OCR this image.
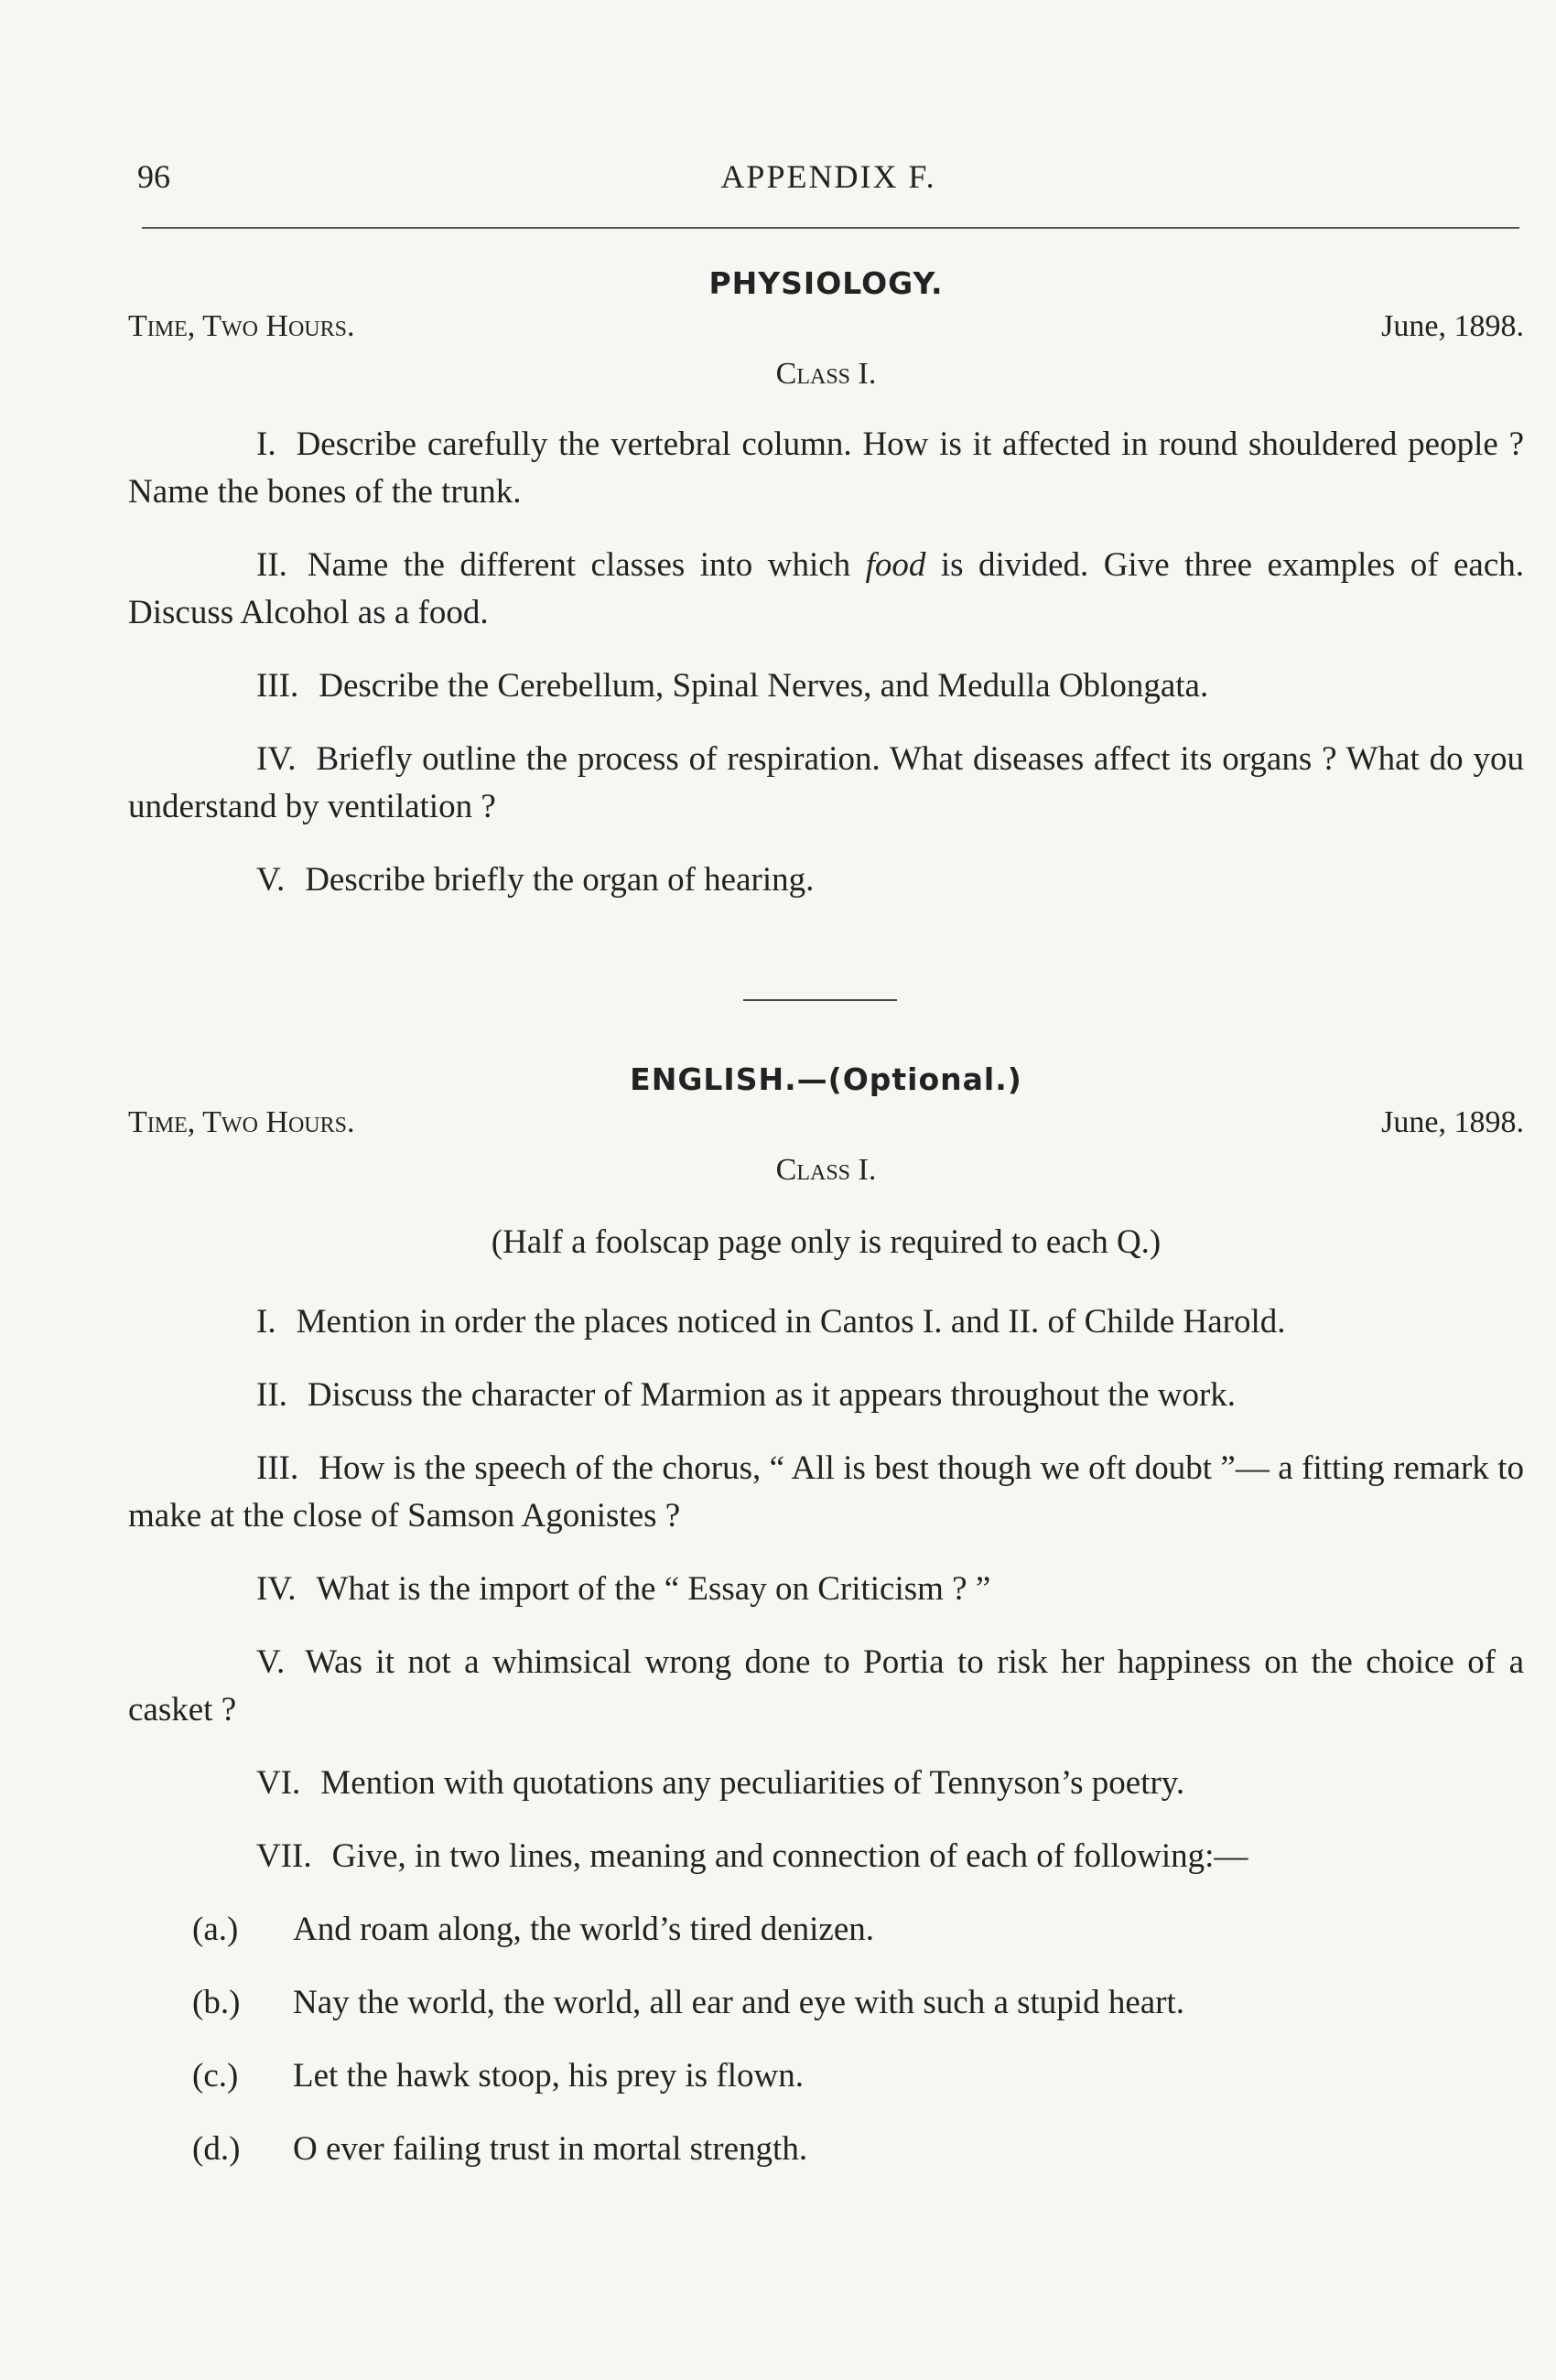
96	APPENDIX F.
PHYSIOLOGY.
Time, Two Hours.	June, 1898.
Class I.

I. Describe carefully the vertebral column. How is it affected in round shouldered people ? Name the bones of the trunk.

II. Name the different classes into which food is divided. Give three examples of each. Discuss Alcohol as a food.

III. Describe the Cerebellum, Spinal Nerves, and Medulla Oblongata.

IV. Briefly outline the process of respiration. What diseases affect its organs ? What do you understand by ventilation ?

V. Describe briefly the organ of hearing.

ENGLISH.—(Optional.)
Time, Two Hours.	June, 1898.
Class I.
(Half a foolscap page only is required to each Q.)

I. Mention in order the places noticed in Cantos I. and II. of Childe Harold.

II. Discuss the character of Marmion as it appears throughout the work.

III. How is the speech of the chorus, “ All is best though we oft doubt ”— a fitting remark to make at the close of Samson Agonistes ?

IV. What is the import of the “ Essay on Criticism ? ”

V. Was it not a whimsical wrong done to Portia to risk her happiness on the choice of a casket ?

VI. Mention with quotations any peculiarities of Tennyson’s poetry.

VII. Give, in two lines, meaning and connection of each of following:—

(a.) And roam along, the world’s tired denizen.

(b.) Nay the world, the world, all ear and eye with such a stupid heart.

(c.) Let the hawk stoop, his prey is flown.

(d.) O ever failing trust in mortal strength.
